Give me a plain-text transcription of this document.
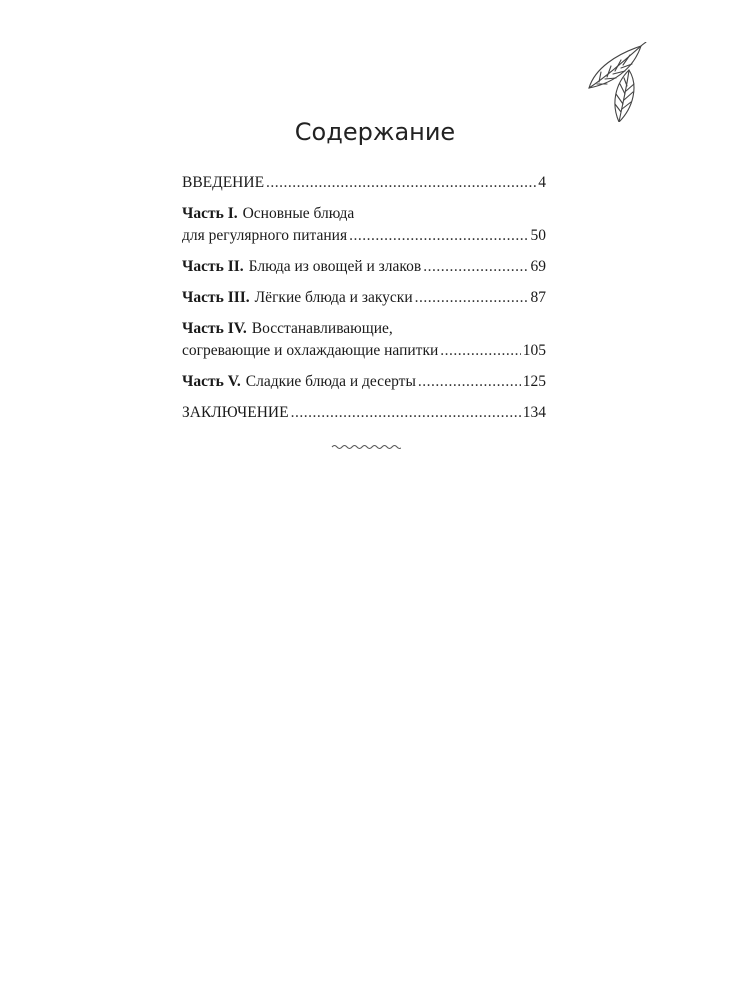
Содержание
ВВЕДЕНИЕ .....	4
Часть I. Основные блюда
для регулярного питания .....	50
Часть II. Блюда из овощей и злаков .....	69
Часть III. Лёгкие блюда и закуски .....	87
Часть IV. Восстанавливающие,
согревающие и охлаждающие напитки .....	105
Часть V. Сладкие блюда и десерты .....	125
ЗАКЛЮЧЕНИЕ .....	134
